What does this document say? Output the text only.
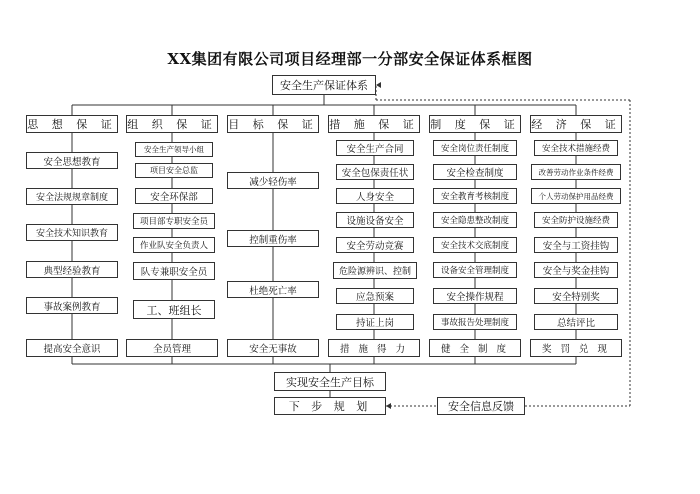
XX集团有限公司项目经理部一分部安全保证体系框图
安全生产保证体系
思 想 保 证
安全思想教育
安全法规规章制度
安全技术知识教育
典型经验教育
事故案例教育
提高安全意识
组 织 保 证
安全生产领导小组
项目安全总监
安全环保部
项目部专职安全员
作业队安全负责人
队专兼职安全员
工、班组长
全员管理
目 标 保 证
减少轻伤率
控制重伤率
杜绝死亡率
安全无事故
措 施 保 证
安全生产合同
安全包保责任状
人身安全
设施设备安全
安全劳动竞赛
危险源辨识、控制
应急预案
持证上岗
措 施 得 力
制 度 保 证
安全岗位责任制度
安全检查制度
安全教育考核制度
安全隐患整改制度
安全技术交底制度
设备安全管理制度
安全操作规程
事故报告处理制度
健 全 制 度
经 济 保 证
安全技术措施经费
改善劳动作业条件经费
个人劳动保护用品经费
安全防护设施经费
安全与工资挂钩
安全与奖金挂钩
安全特别奖
总结评比
奖 罚 兑 现
实现安全生产目标
下 步 规 划	安全信息反馈
